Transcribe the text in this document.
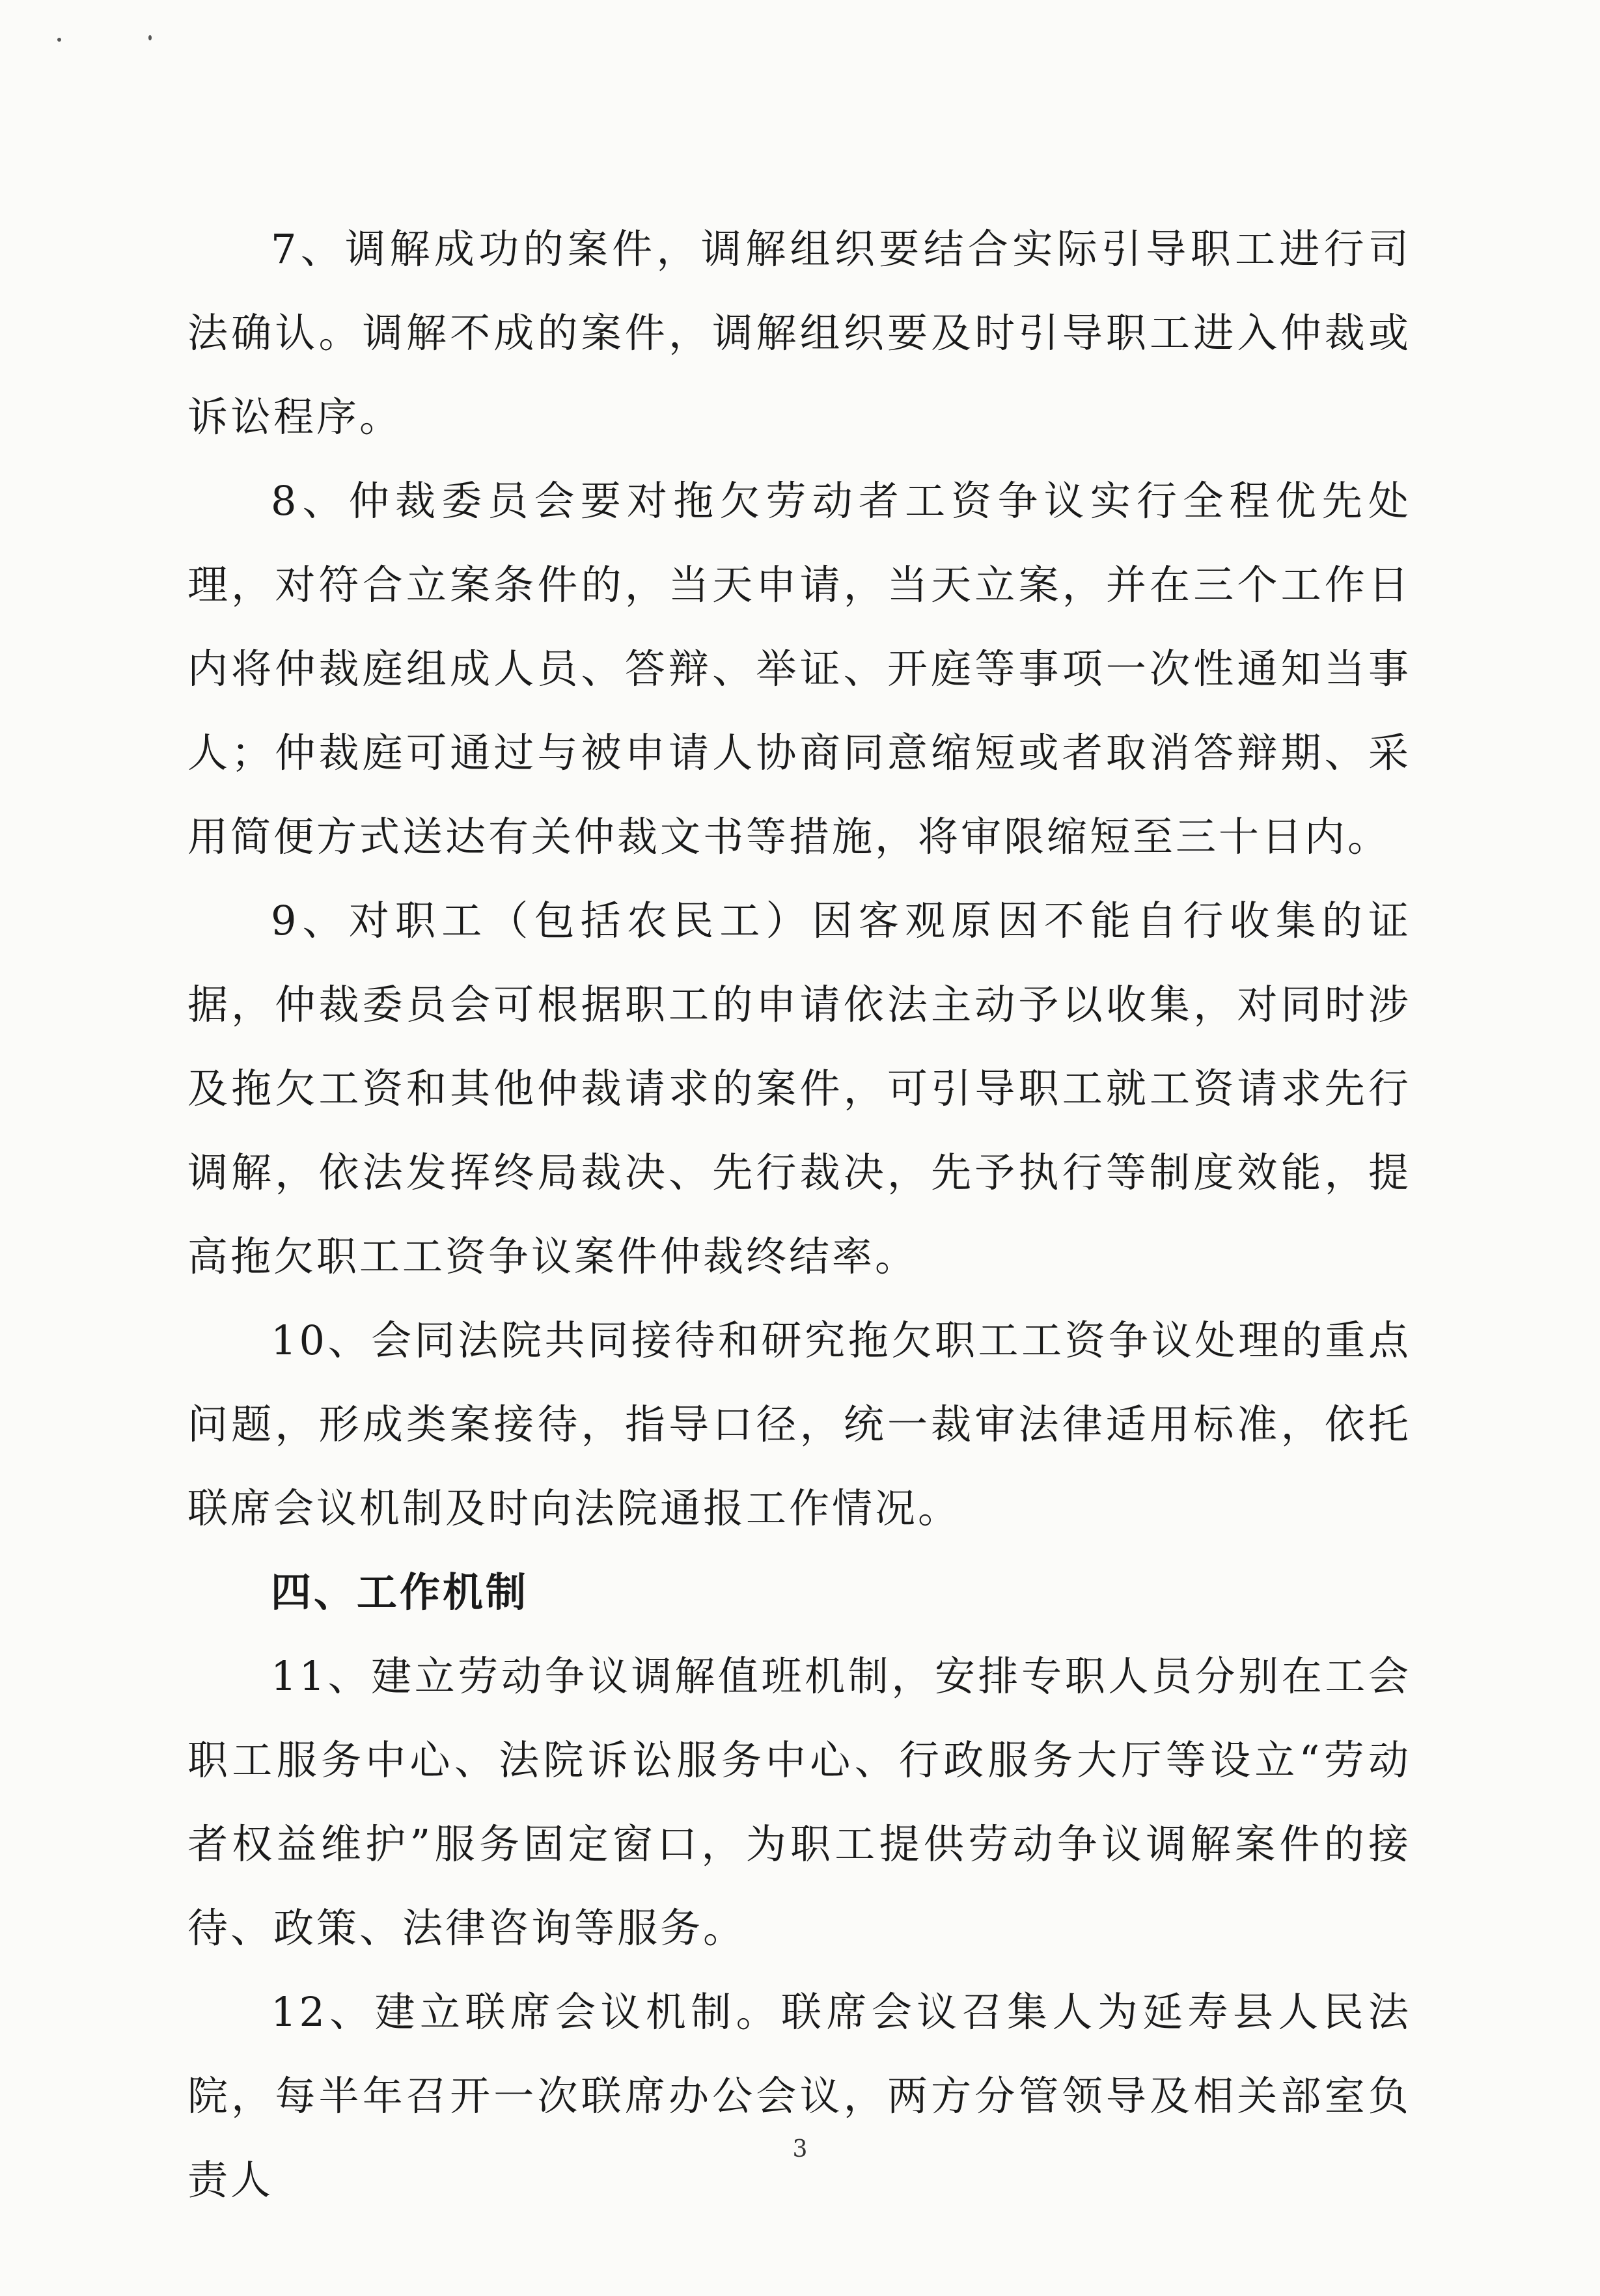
7、调解成功的案件，调解组织要结合实际引导职工进行司法确认。调解不成的案件，调解组织要及时引导职工进入仲裁或诉讼程序。

8、仲裁委员会要对拖欠劳动者工资争议实行全程优先处理，对符合立案条件的，当天申请，当天立案，并在三个工作日内将仲裁庭组成人员、答辩、举证、开庭等事项一次性通知当事人；仲裁庭可通过与被申请人协商同意缩短或者取消答辩期、采用简便方式送达有关仲裁文书等措施，将审限缩短至三十日内。

9、对职工（包括农民工）因客观原因不能自行收集的证据，仲裁委员会可根据职工的申请依法主动予以收集，对同时涉及拖欠工资和其他仲裁请求的案件，可引导职工就工资请求先行调解，依法发挥终局裁决、先行裁决，先予执行等制度效能，提高拖欠职工工资争议案件仲裁终结率。

10、会同法院共同接待和研究拖欠职工工资争议处理的重点问题，形成类案接待，指导口径，统一裁审法律适用标准，依托联席会议机制及时向法院通报工作情况。

四、工作机制

11、建立劳动争议调解值班机制，安排专职人员分别在工会职工服务中心、法院诉讼服务中心、行政服务大厅等设立“劳动者权益维护”服务固定窗口，为职工提供劳动争议调解案件的接待、政策、法律咨询等服务。

12、建立联席会议机制。联席会议召集人为延寿县人民法院，每半年召开一次联席办公会议，两方分管领导及相关部室负责人

3
